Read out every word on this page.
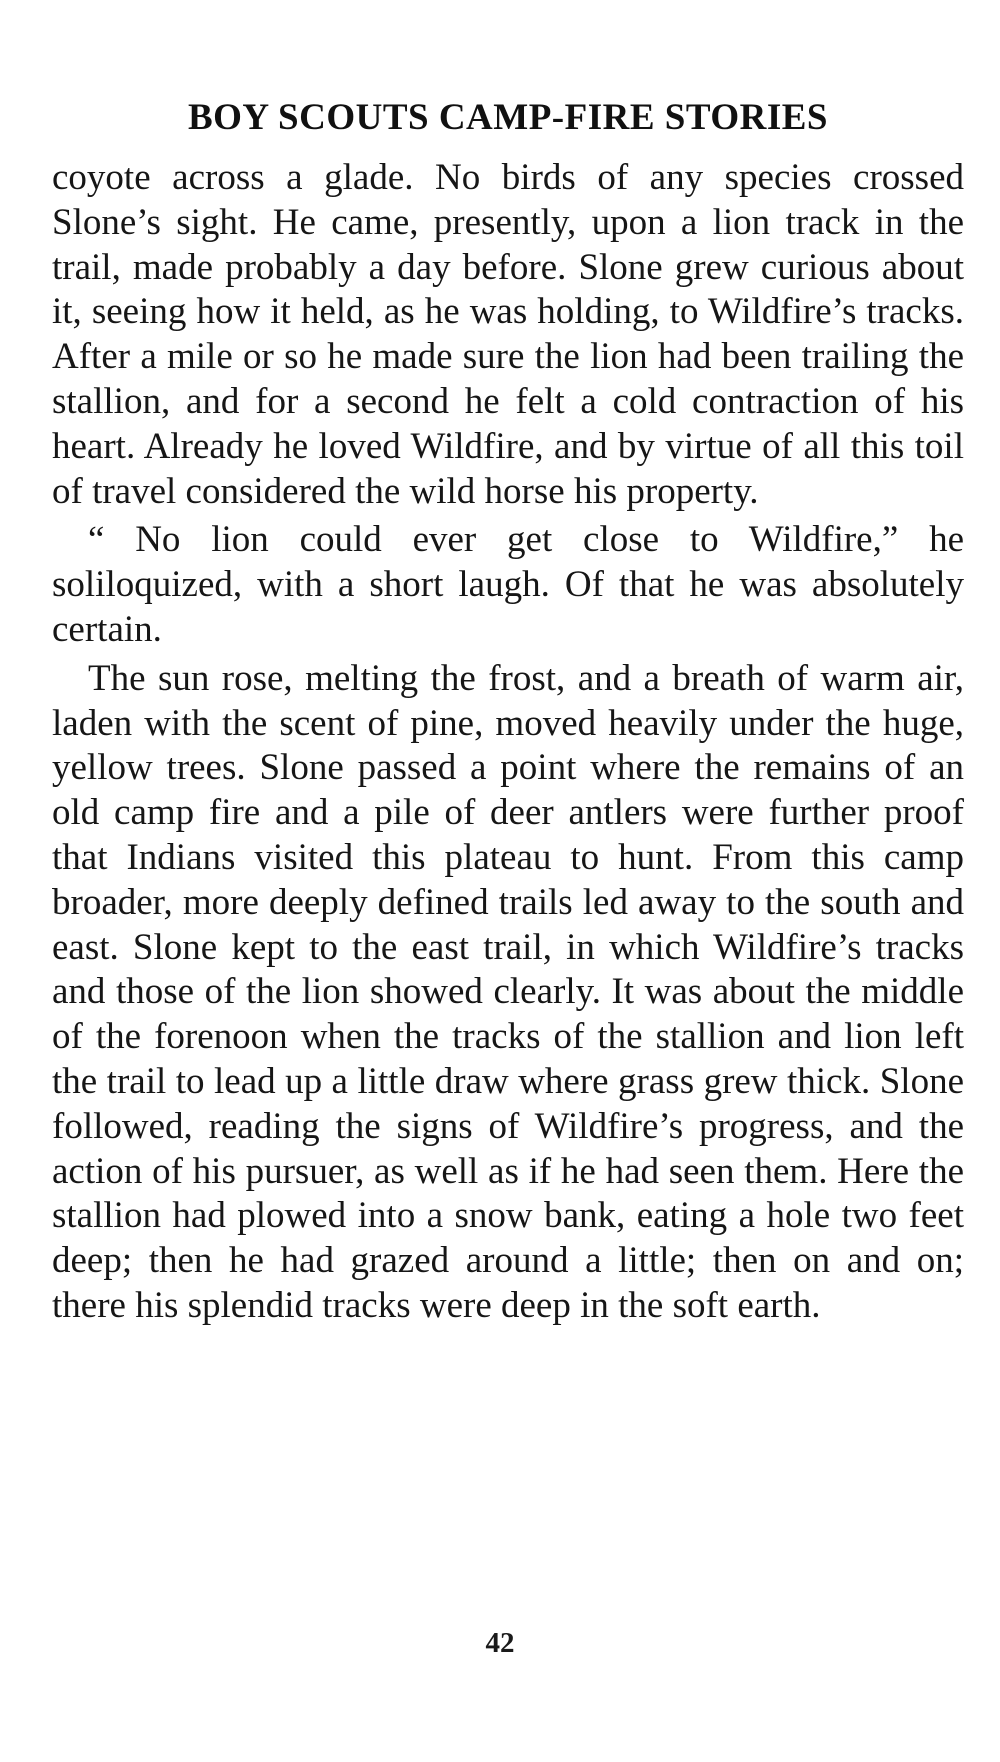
BOY SCOUTS CAMP-FIRE STORIES

coyote across a glade. No birds of any species crossed Slone’s sight. He came, presently, upon a lion track in the trail, made probably a day before. Slone grew curious about it, seeing how it held, as he was holding, to Wildfire’s tracks. After a mile or so he made sure the lion had been trailing the stallion, and for a second he felt a cold contraction of his heart. Already he loved Wildfire, and by virtue of all this toil of travel considered the wild horse his property.

“ No lion could ever get close to Wildfire,” he soliloquized, with a short laugh. Of that he was absolutely certain.

The sun rose, melting the frost, and a breath of warm air, laden with the scent of pine, moved heavily under the huge, yellow trees. Slone passed a point where the remains of an old camp fire and a pile of deer antlers were further proof that Indians visited this plateau to hunt. From this camp broader, more deeply defined trails led away to the south and east. Slone kept to the east trail, in which Wildfire’s tracks and those of the lion showed clearly. It was about the middle of the forenoon when the tracks of the stallion and lion left the trail to lead up a little draw where grass grew thick. Slone followed, reading the signs of Wildfire’s progress, and the action of his pursuer, as well as if he had seen them. Here the stallion had plowed into a snow bank, eating a hole two feet deep; then he had grazed around a little; then on and on; there his splendid tracks were deep in the soft earth.

42
